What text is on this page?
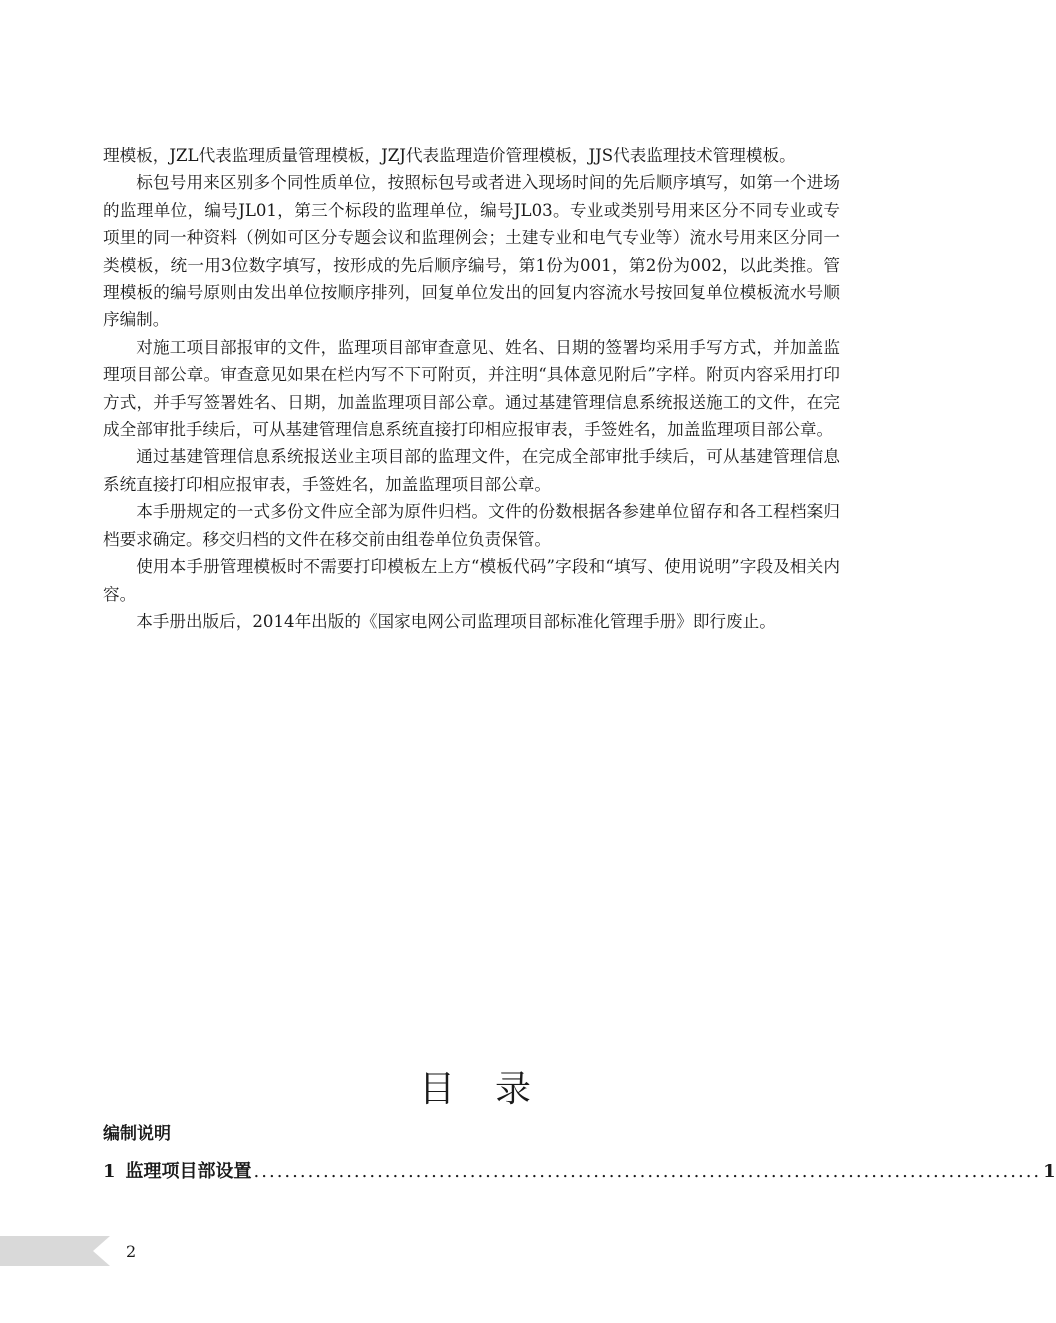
理模板，JZL代表监理质量管理模板，JZJ代表监理造价管理模板，JJS代表监理技术管理模板。

标包号用来区别多个同性质单位，按照标包号或者进入现场时间的先后顺序填写，如第一个进场的监理单位，编号JL01，第三个标段的监理单位，编号JL03。专业或类别号用来区分不同专业或专项里的同一种资料（例如可区分专题会议和监理例会；土建专业和电气专业等）流水号用来区分同一类模板，统一用3位数字填写，按形成的先后顺序编号，第1份为001，第2份为002，以此类推。管理模板的编号原则由发出单位按顺序排列，回复单位发出的回复内容流水号按回复单位模板流水号顺序编制。

对施工项目部报审的文件，监理项目部审查意见、姓名、日期的签署均采用手写方式，并加盖监理项目部公章。审查意见如果在栏内写不下可附页，并注明“具体意见附后”字样。附页内容采用打印方式，并手写签署姓名、日期，加盖监理项目部公章。通过基建管理信息系统报送施工的文件，在完成全部审批手续后，可从基建管理信息系统直接打印相应报审表，手签姓名，加盖监理项目部公章。

通过基建管理信息系统报送业主项目部的监理文件，在完成全部审批手续后，可从基建管理信息系统直接打印相应报审表，手签姓名，加盖监理项目部公章。

本手册规定的一式多份文件应全部为原件归档。文件的份数根据各参建单位留存和各工程档案归档要求确定。移交归档的文件在移交前由组卷单位负责保管。

使用本手册管理模板时不需要打印模板左上方“模板代码”字段和“填写、使用说明”字段及相关内容。

本手册出版后，2014年出版的《国家电网公司监理项目部标准化管理手册》即行废止。

目录
编制说明
1 监理项目部设置 ...................................................................................................... 1
2
